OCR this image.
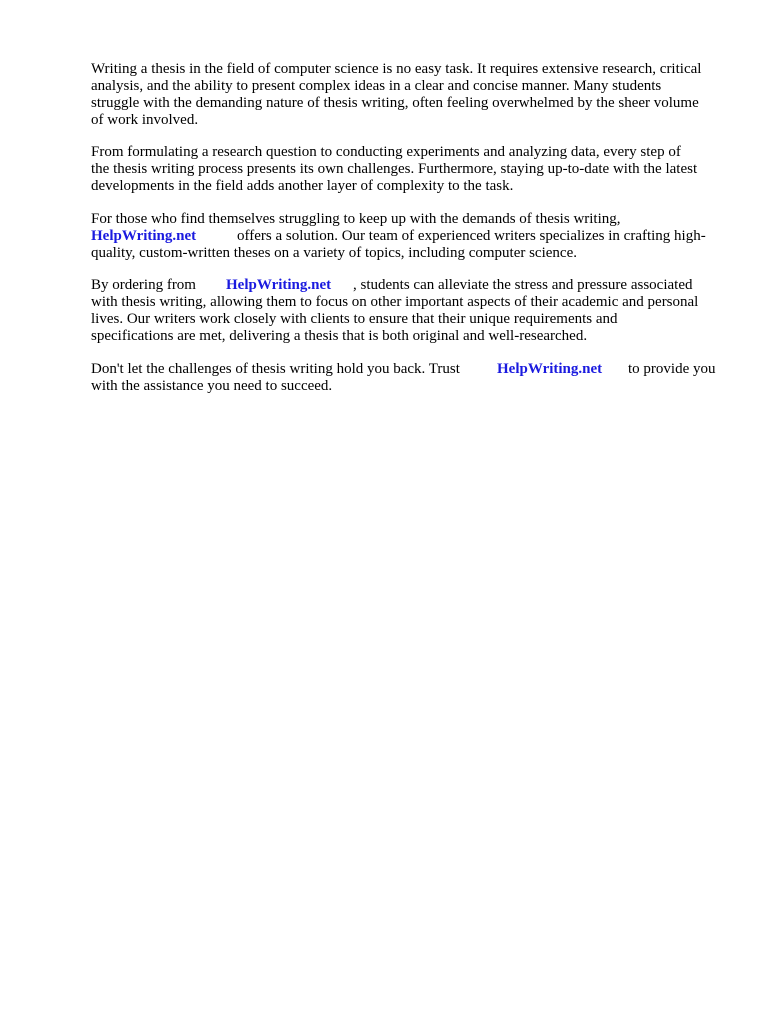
Writing a thesis in the field of computer science is no easy task. It requires extensive research, critical

analysis, and the ability to present complex ideas in a clear and concise manner. Many students

struggle with the demanding nature of thesis writing, often feeling overwhelmed by the sheer volume

of work involved.

From formulating a research question to conducting experiments and analyzing data, every step of

the thesis writing process presents its own challenges. Furthermore, staying up-to-date with the latest

developments in the field adds another layer of complexity to the task.

For those who find themselves struggling to keep up with the demands of thesis writing,

HelpWriting.net	offers a solution. Our team of experienced writers specializes in crafting high-

quality, custom-written theses on a variety of topics, including computer science.

By ordering from HelpWriting.net , students can alleviate the stress and pressure associated

with thesis writing, allowing them to focus on other important aspects of their academic and personal

lives. Our writers work closely with clients to ensure that their unique requirements and

specifications are met, delivering a thesis that is both original and well-researched.

Don't let the challenges of thesis writing hold you back. Trust HelpWriting.net to provide you

with the assistance you need to succeed.
